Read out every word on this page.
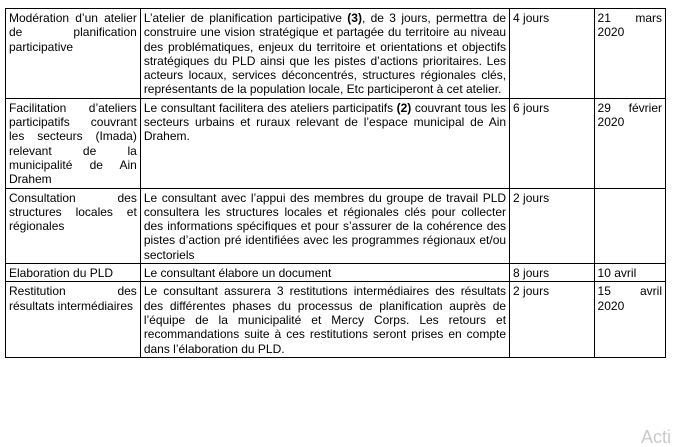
Modération d’un atelier de planification participative	L’atelier de planification participative (3), de 3 jours, permettra de construire une vision stratégique et partagée du territoire au niveau des problématiques, enjeux du territoire et orientations et objectifs stratégiques du PLD ainsi que les pistes d’actions prioritaires. Les acteurs locaux, services déconcentrés, structures régionales clés, représentants de la population locale, Etc participeront à cet atelier.	4 jours	21 mars 2020
Facilitation d’ateliers participatifs couvrant les secteurs (Imada) relevant de la municipalité de Ain Drahem	Le consultant facilitera des ateliers participatifs (2) couvrant tous les secteurs urbains et ruraux relevant de l’espace municipal de Ain Drahem.	6 jours	29 février 2020
Consultation des structures locales et régionales	Le consultant avec l’appui des membres du groupe de travail PLD consultera les structures locales et régionales clés pour collecter des informations spécifiques et pour s’assurer de la cohérence des pistes d’action pré identifiées avec les programmes régionaux et/ou sectoriels	2 jours	
Elaboration du PLD	Le consultant élabore un document	8 jours	10 avril
Restitution des résultats intermédiaires	Le consultant assurera 3 restitutions intermédiaires des résultats des différentes phases du processus de planification auprès de l’équipe de la municipalité et Mercy Corps. Les retours et recommandations suite à ces restitutions seront prises en compte dans l’élaboration du PLD.	2 jours	15 avril 2020
Acti
